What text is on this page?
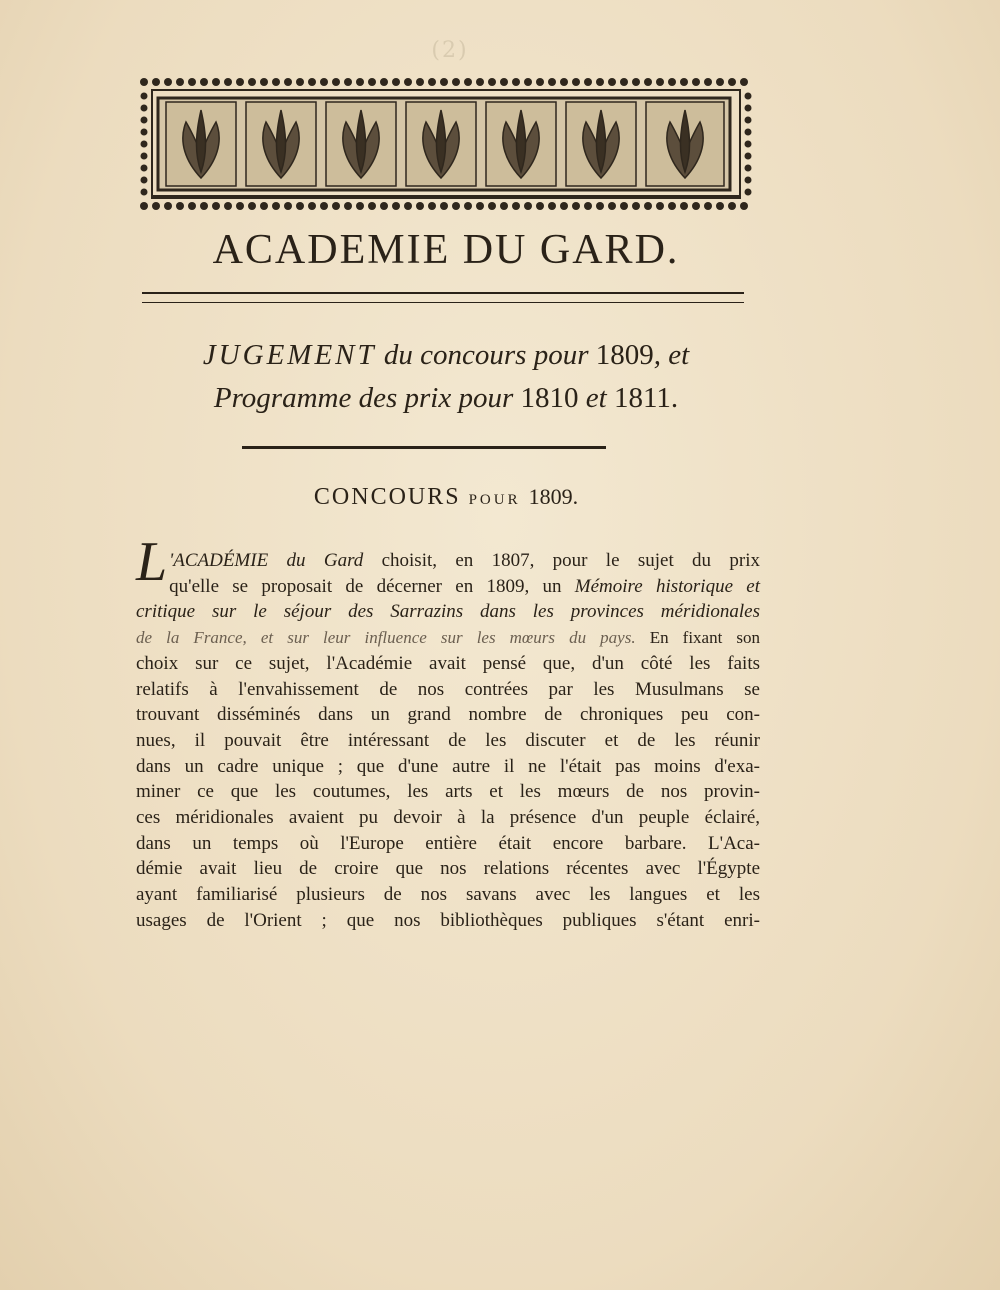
(2)
ACADEMIE DU GARD.
JUGEMENT du concours pour 1809, et
Programme des prix pour 1810 et 1811.
CONCOURS POUR 1809.
L 'ACADÉMIE du Gard choisit, en 1807, pour le sujet du prix
qu'elle se proposait de décerner en 1809, un Mémoire historique et
critique sur le séjour des Sarrazins dans les provinces méridionales
de la France, et sur leur influence sur les mœurs du pays. En fixant son
choix sur ce sujet, l'Académie avait pensé que, d'un côté les faits
relatifs à l'envahissement de nos contrées par les Musulmans se
trouvant disséminés dans un grand nombre de chroniques peu con-
nues, il pouvait être intéressant de les discuter et de les réunir
dans un cadre unique ; que d'une autre il ne l'était pas moins d'exa-
miner ce que les coutumes, les arts et les mœurs de nos provin-
ces méridionales avaient pu devoir à la présence d'un peuple éclairé,
dans un temps où l'Europe entière était encore barbare. L'Aca-
démie avait lieu de croire que nos relations récentes avec l'Égypte
ayant familiarisé plusieurs de nos savans avec les langues et les
usages de l'Orient ; que nos bibliothèques publiques s'étant enri-
